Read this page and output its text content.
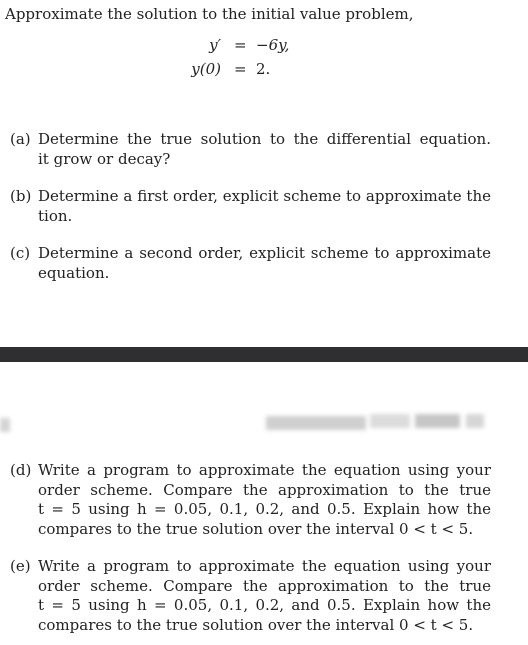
Approximate the solution to the initial value problem,
y′ = −6y,
y(0) = 2.
(a) Determine the true solution to the differential equation.
it grow or decay?
(b) Determine a first order, explicit scheme to approximate the
tion.
(c) Determine a second order, explicit scheme to approximate
equation.
(d) Write a program to approximate the equation using your
order scheme. Compare the approximation to the true
t = 5 using h = 0.05, 0.1, 0.2, and 0.5. Explain how the
compares to the true solution over the interval 0 < t < 5.
(e) Write a program to approximate the equation using your
order scheme. Compare the approximation to the true
t = 5 using h = 0.05, 0.1, 0.2, and 0.5. Explain how the
compares to the true solution over the interval 0 < t < 5.
